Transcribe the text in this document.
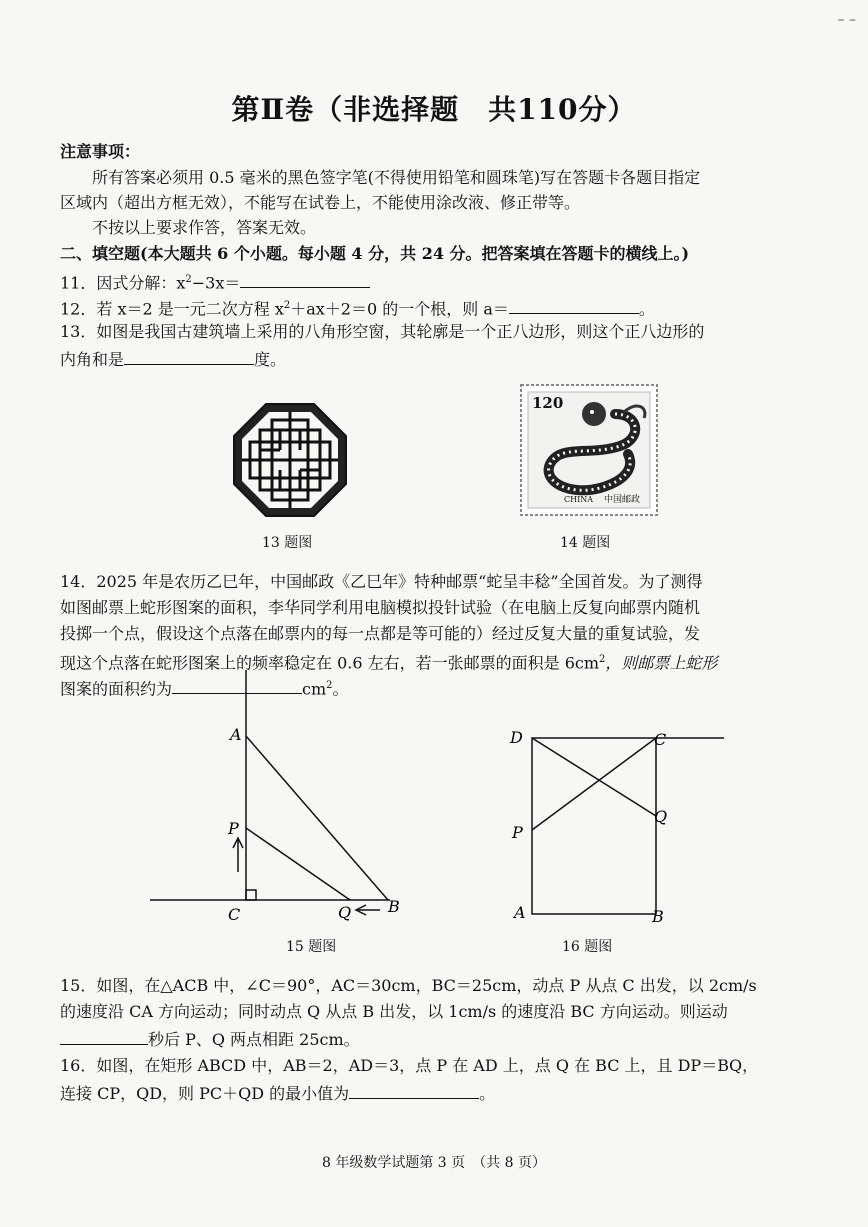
– –
第Ⅱ卷（非选择题　共110分）
注意事项：
所有答案必须用 0.5 毫米的黑色签字笔(不得使用铅笔和圆珠笔)写在答题卡各题目指定
区域内（超出方框无效），不能写在试卷上，不能使用涂改液、修正带等。
不按以上要求作答，答案无效。
二、填空题(本大题共 6 个小题。每小题 4 分，共 24 分。把答案填在答题卡的横线上。)
11．因式分解：$x^2-3x=$
12．若 x＝2 是一元二次方程 $x^2+ax+2=0$ 的一个根，则 a＝	。
13．如图是我国古建筑墙上采用的八角形空窗，其轮廓是一个正八边形，则这个正八边形的
内角和是	度。
13 题图
120
CHINA 中国邮政
14 题图
14．2025 年是农历乙巳年，中国邮政《乙巳年》特种邮票“蛇呈丰稔”全国首发。为了测得
如图邮票上蛇形图案的面积，李华同学利用电脑模拟投针试验（在电脑上反复向邮票内随机
投掷一个点，假设这个点落在邮票内的每一点都是等可能的）经过反复大量的重复试验，发
现这个点落在蛇形图案上的频率稳定在 0.6 左右，若一张邮票的面积是 $6cm^2$，则邮票上蛇形
图案的面积约为	$cm^2$。
A
P
C	Q B
15 题图
D	C
P
Q
A	B
16 题图
15．如图，在△ACB 中，∠C＝90°，AC＝30cm，BC＝25cm，动点 P 从点 C 出发，以 2cm/s
的速度沿 CA 方向运动；同时动点 Q 从点 B 出发，以 1cm/s 的速度沿 BC 方向运动。则运动
秒后 P、Q 两点相距 25cm。
16．如图，在矩形 ABCD 中，AB＝2，AD＝3，点 P 在 AD 上，点 Q 在 BC 上，且 DP＝BQ，
连接 CP，QD，则 PC＋QD 的最小值为	。
8 年级数学试题第 3 页　（共 8 页）
